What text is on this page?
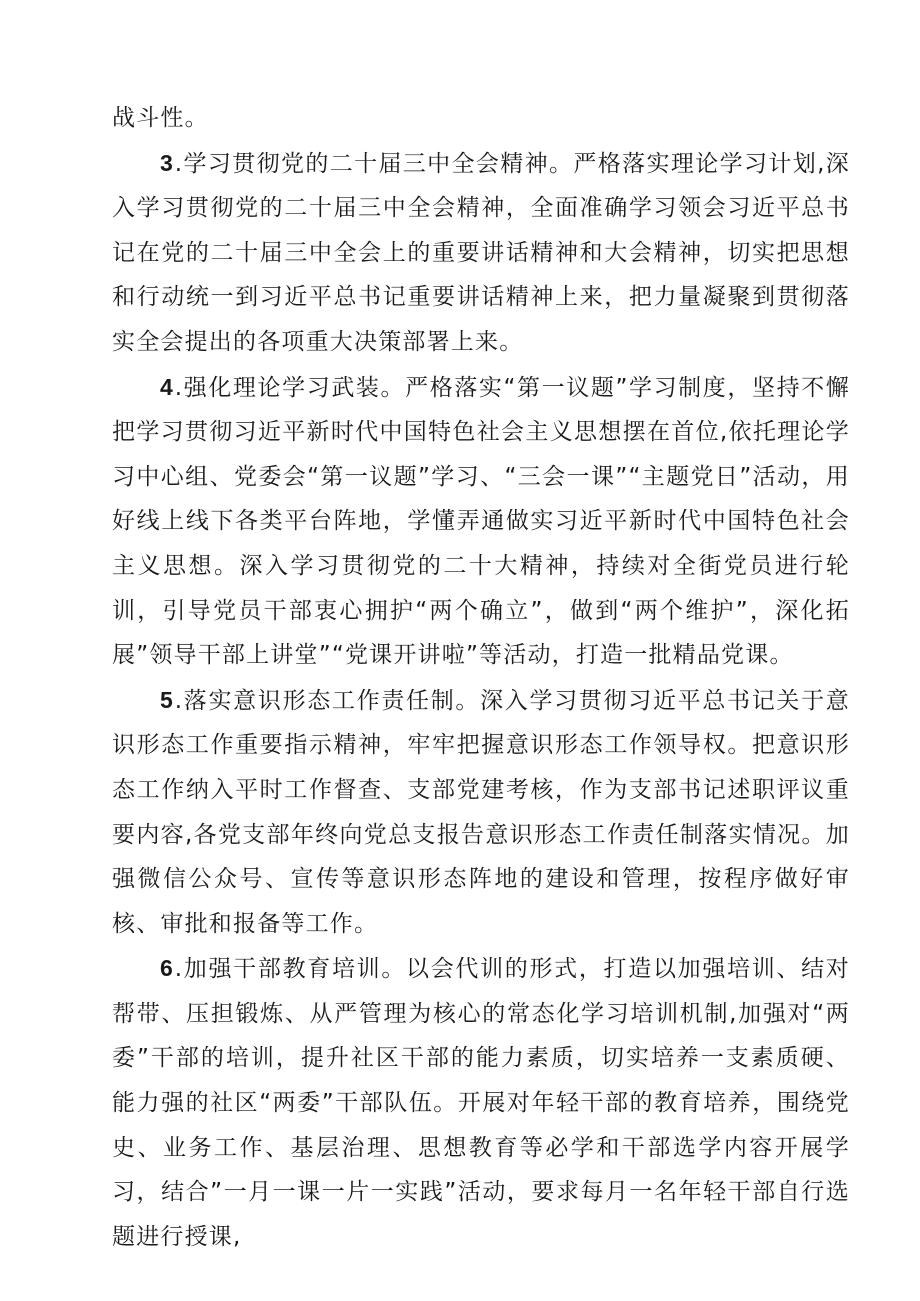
战斗性。

3.学习贯彻党的二十届三中全会精神。严格落实理论学习计划,深入学习贯彻党的二十届三中全会精神，全面准确学习领会习近平总书记在党的二十届三中全会上的重要讲话精神和大会精神，切实把思想和行动统一到习近平总书记重要讲话精神上来，把力量凝聚到贯彻落实全会提出的各项重大决策部署上来。

4.强化理论学习武装。严格落实“第一议题”学习制度，坚持不懈把学习贯彻习近平新时代中国特色社会主义思想摆在首位,依托理论学习中心组、党委会“第一议题”学习、“三会一课”“主题党日”活动，用好线上线下各类平台阵地，学懂弄通做实习近平新时代中国特色社会主义思想。深入学习贯彻党的二十大精神，持续对全街党员进行轮训，引导党员干部衷心拥护“两个确立”，做到“两个维护”，深化拓展”领导干部上讲堂”“党课开讲啦”等活动，打造一批精品党课。

5.落实意识形态工作责任制。深入学习贯彻习近平总书记关于意识形态工作重要指示精神，牢牢把握意识形态工作领导权。把意识形态工作纳入平时工作督查、支部党建考核，作为支部书记述职评议重要内容,各党支部年终向党总支报告意识形态工作责任制落实情况。加强微信公众号、宣传等意识形态阵地的建设和管理，按程序做好审核、审批和报备等工作。

6.加强干部教育培训。以会代训的形式，打造以加强培训、结对帮带、压担锻炼、从严管理为核心的常态化学习培训机制,加强对“两委”干部的培训，提升社区干部的能力素质，切实培养一支素质硬、能力强的社区“两委”干部队伍。开展对年轻干部的教育培养，围绕党史、业务工作、基层治理、思想教育等必学和干部选学内容开展学习，结合”一月一课一片一实践”活动，要求每月一名年轻干部自行选题进行授课,
